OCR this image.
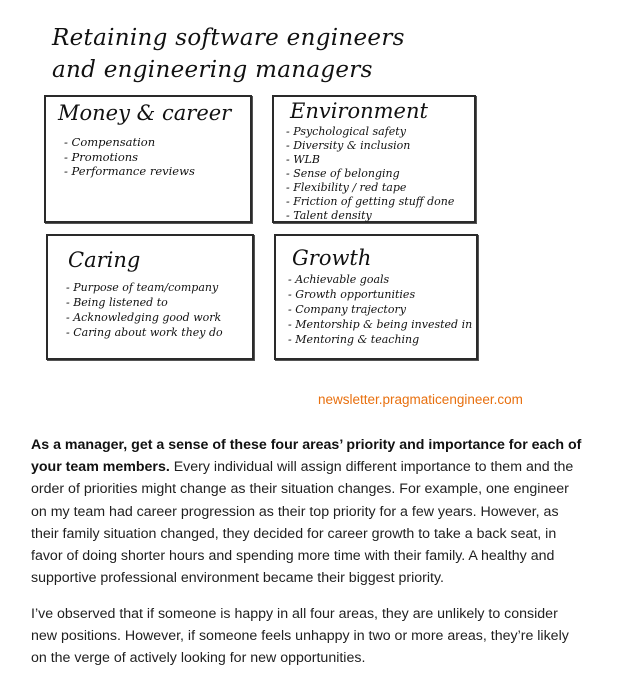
Retaining software engineers
and engineering managers
Money & career
- Compensation
- Promotions
- Performance reviews
Environment
- Psychological safety
- Diversity & inclusion
- WLB
- Sense of belonging
- Flexibility / red tape
- Friction of getting stuff done
- Talent density
Caring
- Purpose of team/company
- Being listened to
- Acknowledging good work
- Caring about work they do
Growth
- Achievable goals
- Growth opportunities
- Company trajectory
- Mentorship & being invested in
- Mentoring & teaching
newsletter.pragmaticengineer.com

As a manager, get a sense of these four areas’ priority and importance for each of your team members. Every individual will assign different importance to them and the order of priorities might change as their situation changes. For example, one engineer on my team had career progression as their top priority for a few years. However, as their family situation changed, they decided for career growth to take a back seat, in favor of doing shorter hours and spending more time with their family. A healthy and supportive professional environment became their biggest priority.

I’ve observed that if someone is happy in all four areas, they are unlikely to consider new positions. However, if someone feels unhappy in two or more areas, they’re likely on the verge of actively looking for new opportunities.
